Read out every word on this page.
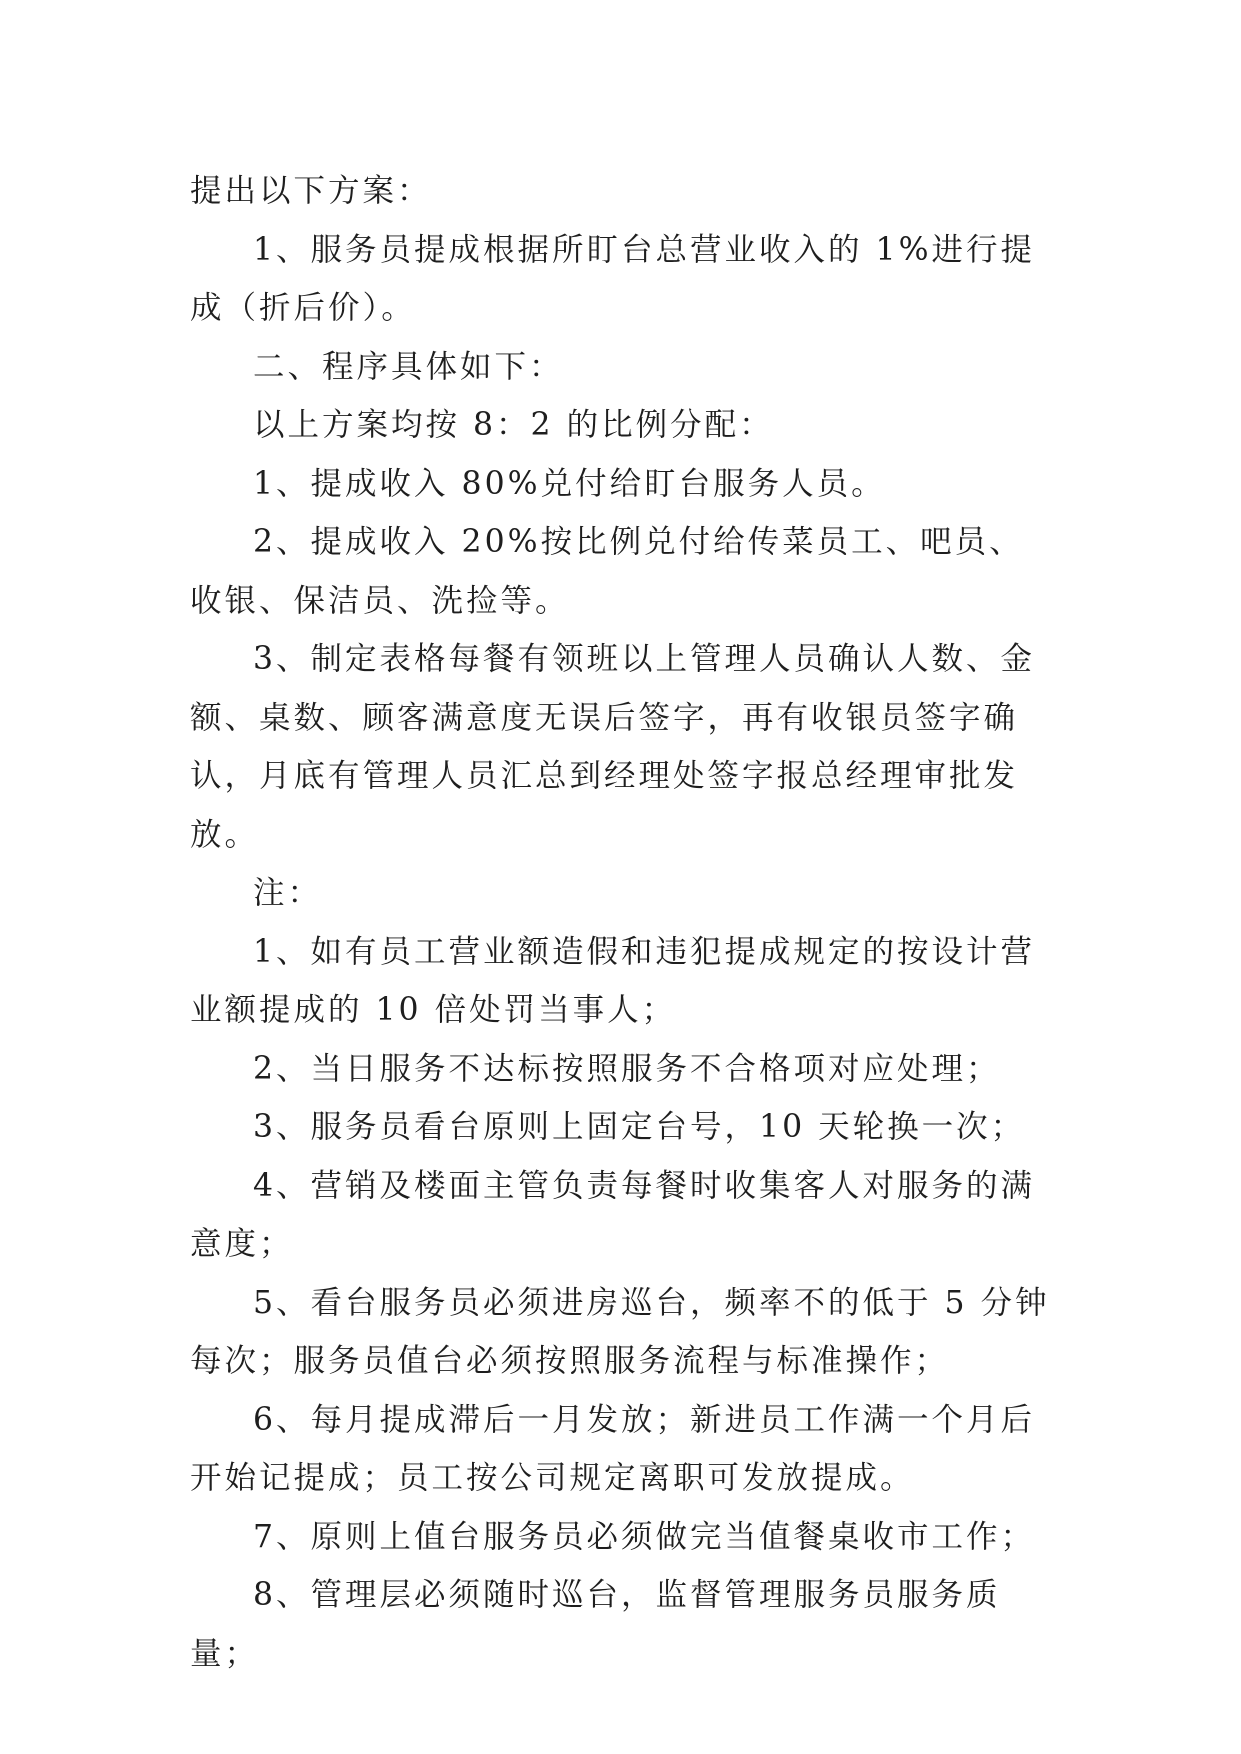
提出以下方案：

1、服务员提成根据所盯台总营业收入的 1%进行提成（折后价）。

二、程序具体如下：

以上方案均按 8：2 的比例分配：

1、提成收入 80%兑付给盯台服务人员。

2、提成收入 20%按比例兑付给传菜员工、吧员、收银、保洁员、洗捡等。

3、制定表格每餐有领班以上管理人员确认人数、金额、桌数、顾客满意度无误后签字，再有收银员签字确认，月底有管理人员汇总到经理处签字报总经理审批发放。

注：

1、如有员工营业额造假和违犯提成规定的按设计营业额提成的 10 倍处罚当事人；

2、当日服务不达标按照服务不合格项对应处理；

3、服务员看台原则上固定台号，10 天轮换一次；

4、营销及楼面主管负责每餐时收集客人对服务的满意度；

5、看台服务员必须进房巡台，频率不的低于 5 分钟每次；服务员值台必须按照服务流程与标准操作；

6、每月提成滞后一月发放；新进员工作满一个月后开始记提成；员工按公司规定离职可发放提成。

7、原则上值台服务员必须做完当值餐桌收市工作；

8、管理层必须随时巡台，监督管理服务员服务质量；
